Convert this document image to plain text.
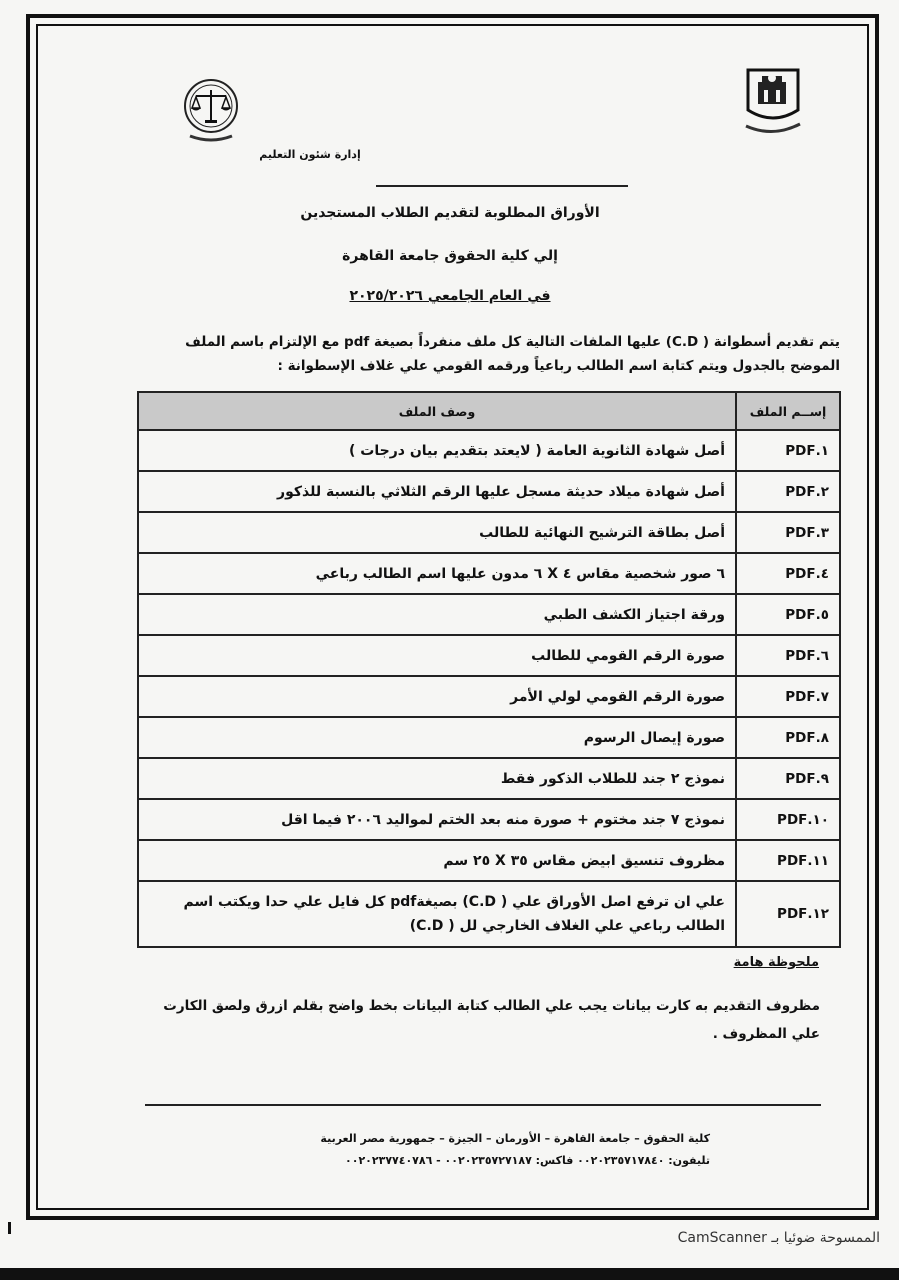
إدارة شئون التعليم
الأوراق المطلوبة لتقديم الطلاب المستجدين
إلي كلية الحقوق جامعة القاهرة
في العام الجامعي ٢٠٢٥/٢٠٢٦
يتم تقديم أسطوانة ( C.D) عليها الملفات التالية كل ملف منفرداً بصيغة pdf مع الإلتزام باسم الملف الموضح بالجدول ويتم كتابة اسم الطالب رباعياً ورقمه القومي علي غلاف الإسطوانة :
إســم الملف	وصف الملف
١.PDF	أصل شهادة الثانوية العامة ( لايعتد بتقديم بيان درجات )
٢.PDF	أصل شهادة ميلاد حديثة مسجل عليها الرقم الثلاثي بالنسبة للذكور
٣.PDF	أصل بطاقة الترشيح النهائية للطالب
٤.PDF	٦ صور شخصية مقاس ٤ X ٦ مدون عليها اسم الطالب رباعي
٥.PDF	ورقة اجتياز الكشف الطبي
٦.PDF	صورة الرقم القومي للطالب
٧.PDF	صورة الرقم القومي لولي الأمر
٨.PDF	صورة إيصال الرسوم
٩.PDF	نموذج ٢ جند للطلاب الذكور فقط
١٠.PDF	نموذج ٧ جند مختوم + صورة منه بعد الختم لمواليد ٢٠٠٦ فيما اقل
١١.PDF	مظروف تنسيق ابيض مقاس ٣٥ X ٢٥ سم
١٢.PDF	علي ان ترفع اصل الأوراق علي ( C.D) بصيغةpdf كل فايل علي حدا ويكتب اسم الطالب رباعي علي الغلاف الخارجي لل ( C.D)
ملحوظة هامة
مظروف التقديم به كارت بيانات يجب علي الطالب كتابة البيانات بخط واضح بقلم ازرق ولصق الكارت علي المظروف .
كلية الحقوق – جامعة القاهرة – الأورمان – الجيزة – جمهورية مصر العربية
تليفون: ٠٠٢٠٢٣٥٧١٧٨٤٠ فاكس: ٠٠٢٠٢٣٥٧٢٧١٨٧ - ٠٠٢٠٢٣٧٧٤٠٧٨٦
الممسوحة ضوئيا بـ CamScanner
